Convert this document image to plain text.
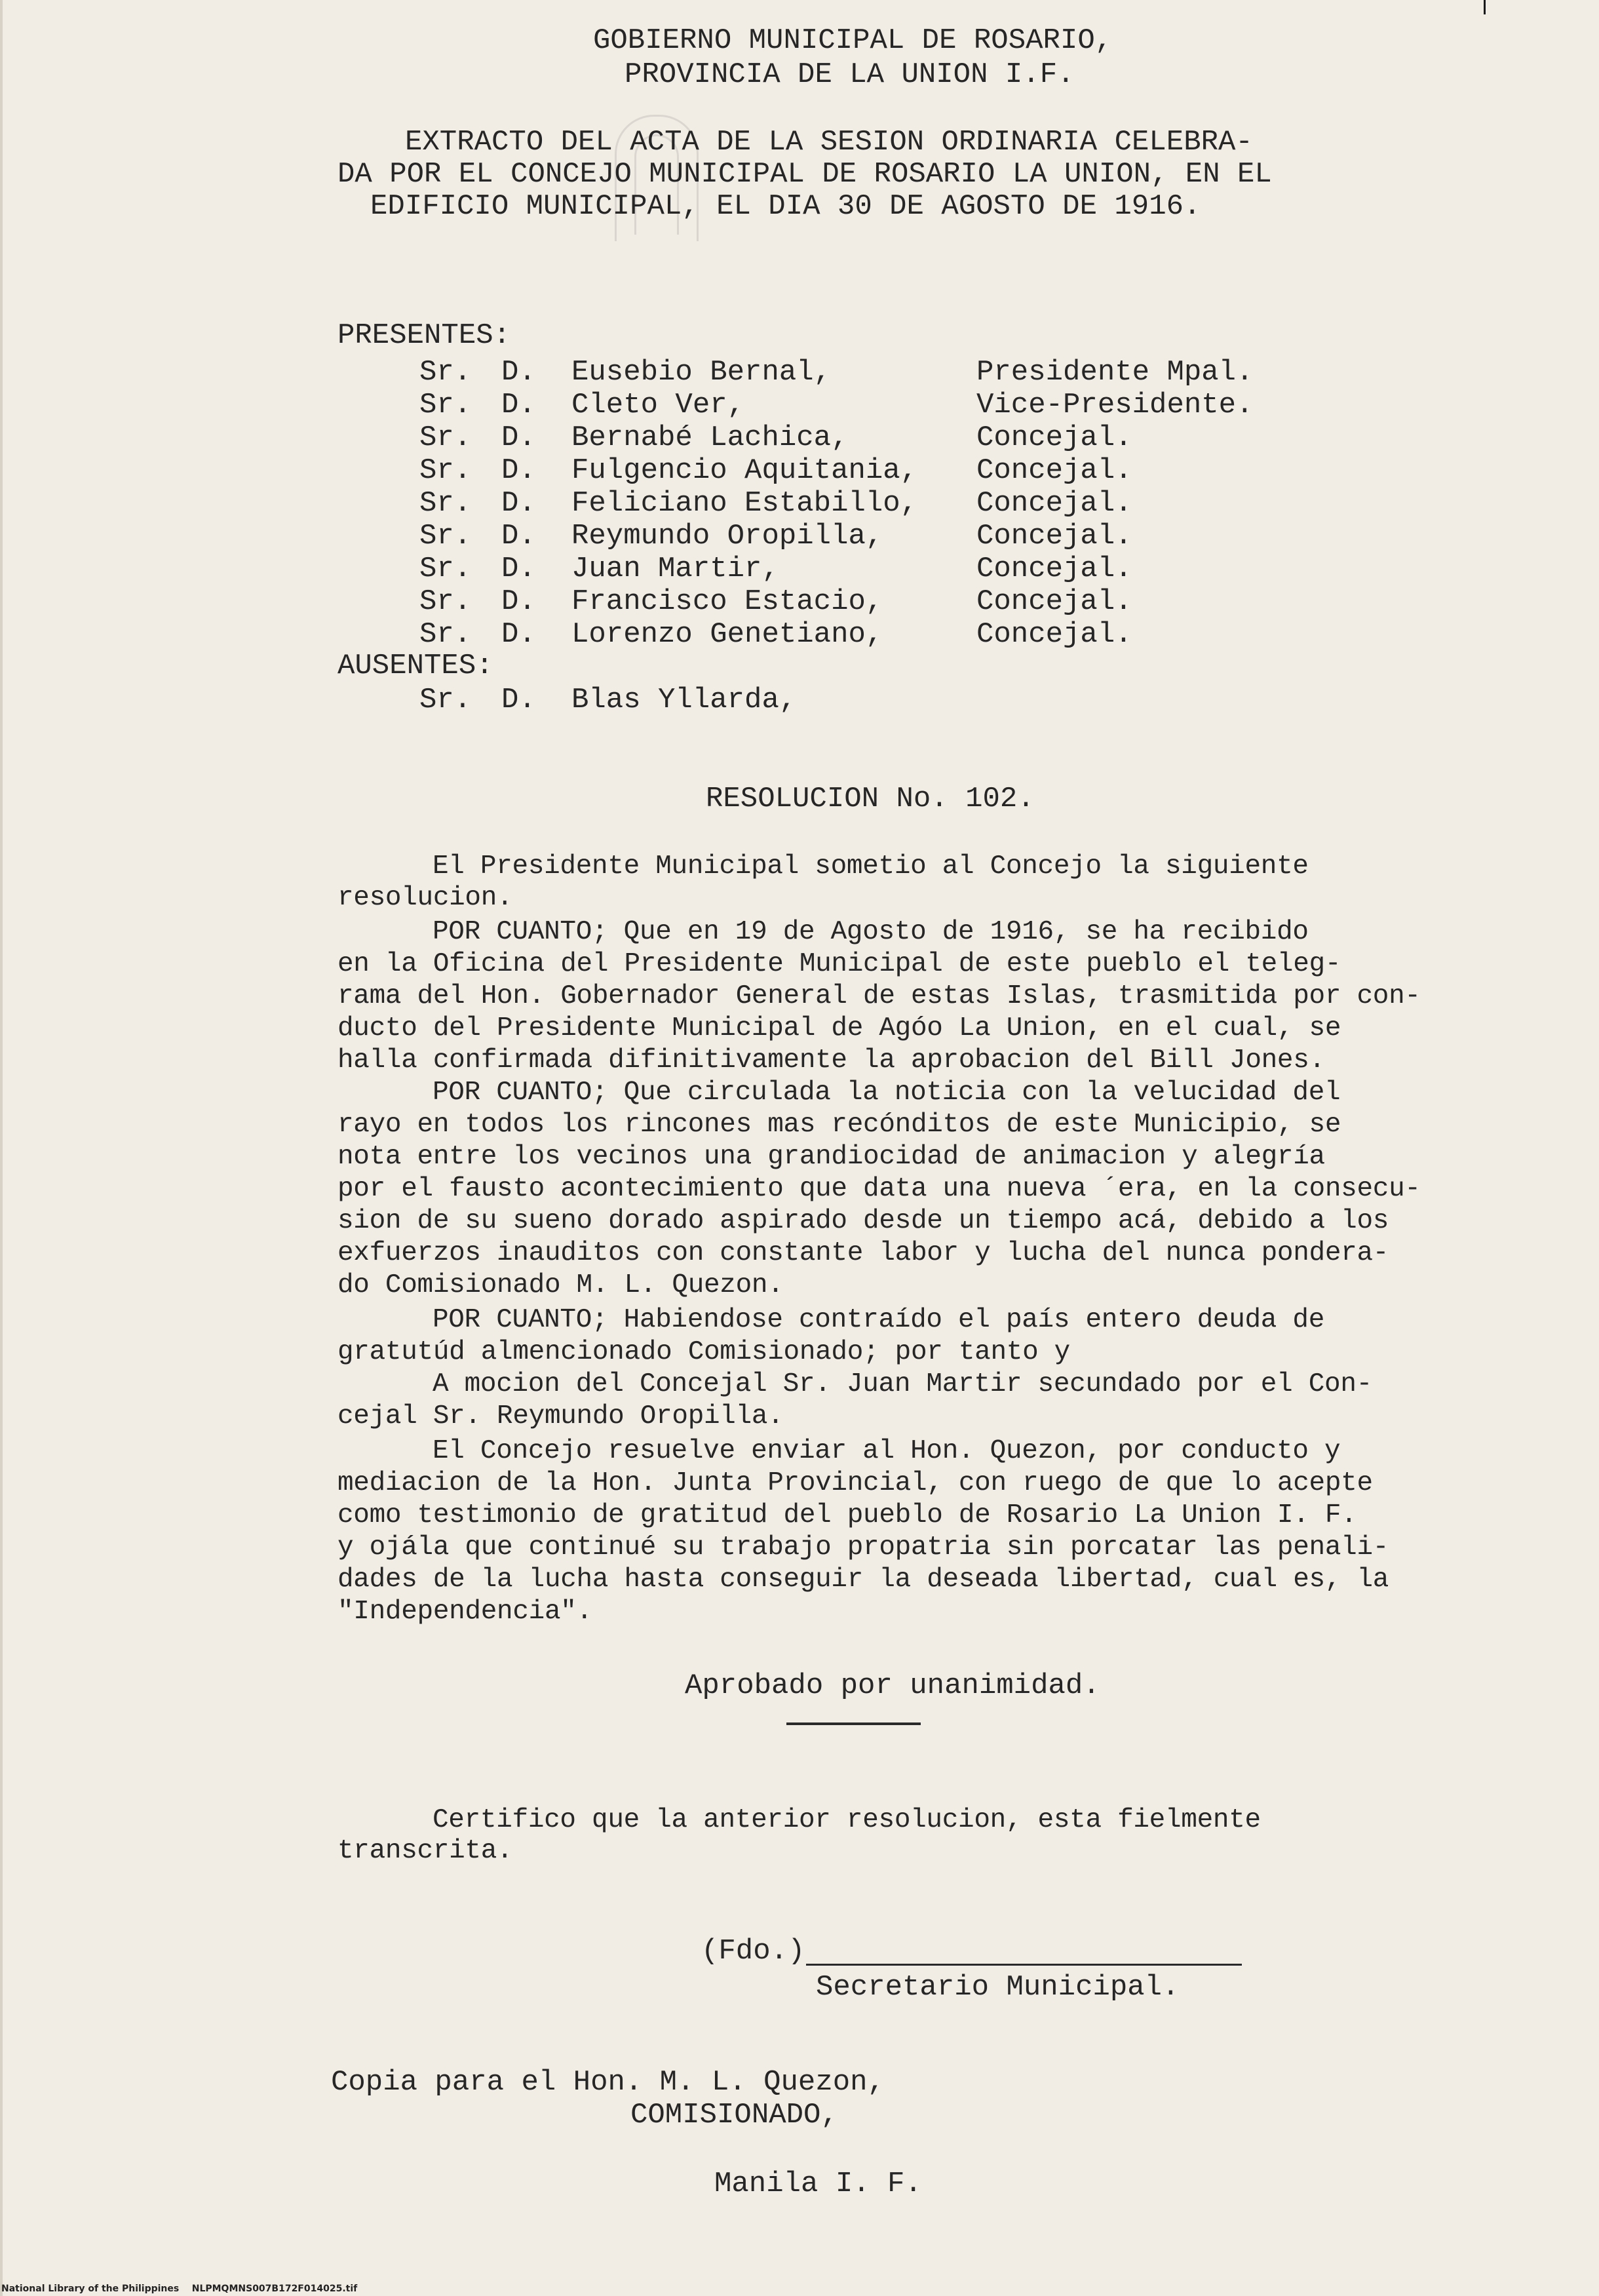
GOBIERNO MUNICIPAL DE ROSARIO,
PROVINCIA DE LA UNION I.F.
EXTRACTO DEL ACTA DE LA SESION ORDINARIA CELEBRA-
DA POR EL CONCEJO MUNICIPAL DE ROSARIO LA UNION, EN EL
EDIFICIO MUNICIPAL, EL DIA 30 DE AGOSTO DE 1916.
PRESENTES:
Sr. D. Eusebio Bernal,	Presidente Mpal.
Sr. D. Cleto Ver,	Vice-Presidente.
Sr. D. Bernabé Lachica,	Concejal.
Sr. D. Fulgencio Aquitania, Concejal.
Sr. D. Feliciano Estabillo, Concejal.
Sr. D. Reymundo Oropilla,	Concejal.
Sr. D. Juan Martir,	Concejal.
Sr. D. Francisco Estacio,	Concejal.
Sr. D. Lorenzo Genetiano,	Concejal.
AUSENTES:
Sr. D. Blas Yllarda,
RESOLUCION No. 102.
El Presidente Municipal sometio al Concejo la siguiente
resolucion.
POR CUANTO; Que en 19 de Agosto de 1916, se ha recibido
en la Oficina del Presidente Municipal de este pueblo el teleg-
rama del Hon. Gobernador General de estas Islas, trasmitida por con-
ducto del Presidente Municipal de Agóo La Union, en el cual, se
halla confirmada difinitivamente la aprobacion del Bill Jones.
POR CUANTO; Que circulada la noticia con la velucidad del
rayo en todos los rincones mas recónditos de este Municipio, se
nota entre los vecinos una grandiocidad de animacion y alegría
por el fausto acontecimiento que data una nueva ´era, en la consecu-
sion de su sueno dorado aspirado desde un tiempo acá, debido a los
exfuerzos inauditos con constante labor y lucha del nunca pondera-
do Comisionado M. L. Quezon.
POR CUANTO; Habiendose contraído el país entero deuda de
gratutúd almencionado Comisionado; por tanto y
A mocion del Concejal Sr. Juan Martir secundado por el Con-
cejal Sr. Reymundo Oropilla.
El Concejo resuelve enviar al Hon. Quezon, por conducto y
mediacion de la Hon. Junta Provincial, con ruego de que lo acepte
como testimonio de gratitud del pueblo de Rosario La Union I. F.
y ojála que continué su trabajo propatria sin porcatar las penali-
dades de la lucha hasta conseguir la deseada libertad, cual es, la
"Independencia".
Aprobado por unanimidad.
Certifico que la anterior resolucion, esta fielmente
transcrita.
(Fdo.)
Secretario Municipal.
Copia para el Hon. M. L. Quezon,
COMISIONADO,
Manila I. F.
National Library of the Philippines    NLPMQMNS007B172F014025.tif
